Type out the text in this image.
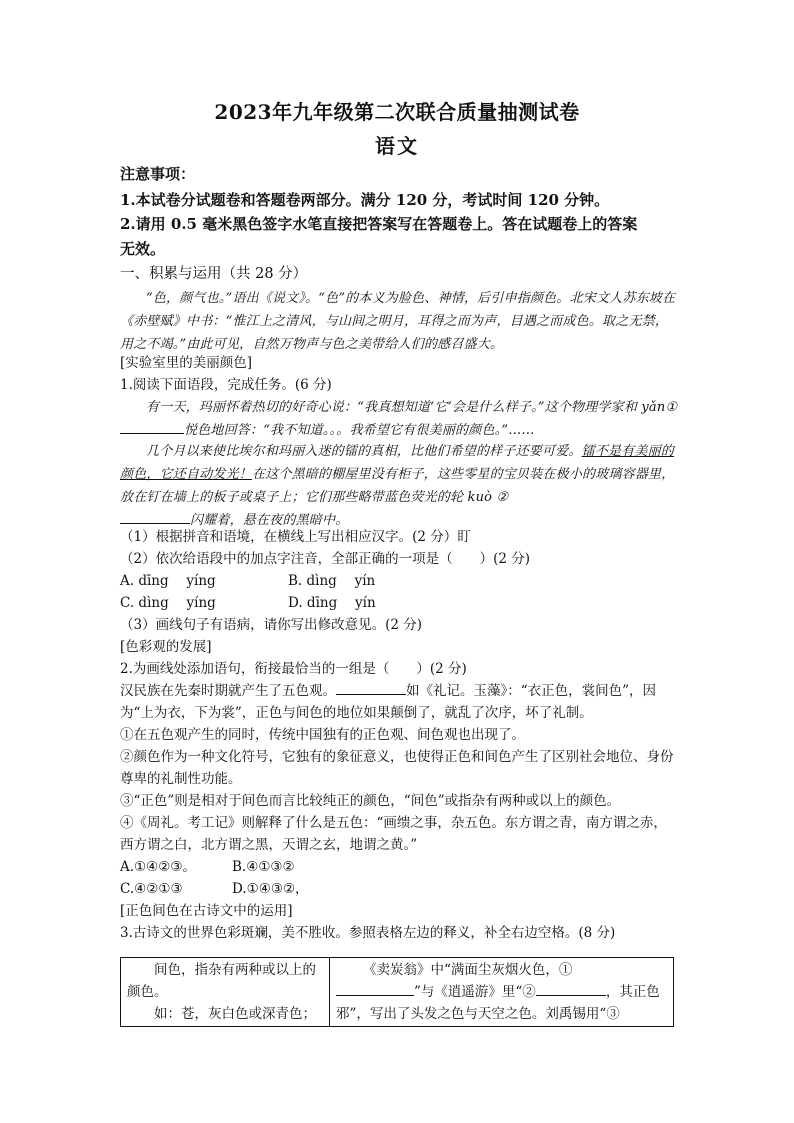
2023年九年级第二次联合质量抽测试卷
语文
注意事项：
1.本试卷分试题卷和答题卷两部分。满分 120 分，考试时间 120 分钟。
2.请用 0.5 毫米黑色签字水笔直接把答案写在答题卷上。答在试题卷上的答案
无效。
一、积累与运用（共 28 分）
“色，颜气也。”语出《说文》。“色”的本义为脸色、神情，后引申指颜色。北宋文人苏东坡在《赤壁赋》中书：“惟江上之清风，与山间之明月，耳得之而为声，目遇之而成色。取之无禁，用之不竭。”由此可见，自然万物声与色之美带给人们的感召盛大。
[实验室里的美丽颜色]
1.阅读下面语段，完成任务。(6 分)
有一天，玛丽怀着热切的好奇心说：“我真想知道‘它’会是什么样子。”这个物理学家和 yǎn①悦色地回答：“我不知道。。。我希望它有很美丽的颜色。”……
几个月以来使比埃尔和玛丽入迷的镭的真相，比他们希望的样子还要可爱。镭不是有美丽的颜色，它还自动发光！在这个黑暗的棚屋里没有柜子，这些零星的宝贝装在极小的玻璃容器里，放在钉在墙上的板子或桌子上；它们那些略带蓝色荧光的轮 kuò ②
闪耀着，悬在夜的黑暗中。
（1）根据拼音和语境，在横线上写出相应汉字。(2 分）盯
（2）依次给语段中的加点字注音，全部正确的一项是（　　）(2 分)
A. dīng　 yíng	B. dìng　 yín
C. dìng　 yíng	D. dīng　 yín
（3）画线句子有语病，请你写出修改意见。(2 分)
[色彩观的发展]
2.为画线处添加语句，衔接最恰当的一组是（　　）(2 分)
汉民族在先秦时期就产生了五色观。	如《礼记。玉藻》：“衣正色，裳间色”，因为“上为衣，下为裳”，正色与间色的地位如果颠倒了，就乱了次序，坏了礼制。
①在五色观产生的同时，传统中国独有的正色观、间色观也出现了。
②颜色作为一种文化符号，它独有的象征意义，也使得正色和间色产生了区别社会地位、身份尊卑的礼制性功能。
③“正色”则是相对于间色而言比较纯正的颜色，“间色”或指杂有两种或以上的颜色。
④《周礼。考工记》则解释了什么是五色：“画缋之事，杂五色。东方谓之青，南方谓之赤，西方谓之白，北方谓之黑，天谓之玄，地谓之黄。”
A.①④②③。	B.④①③②
C.④②①③	D.①④③②，
[正色间色在古诗文中的运用]
3.古诗文的世界色彩斑斓，美不胜收。参照表格左边的释义，补全右边空格。(8 分)
间色，指杂有两种或以上的颜色。
如：苍，灰白色或深青色；
	《卖炭翁》中“满面尘灰烟火色，①
”与《逍遥游》里“②	，其正色邪”，写出了头发之色与天空之色。刘禹锡用“③
